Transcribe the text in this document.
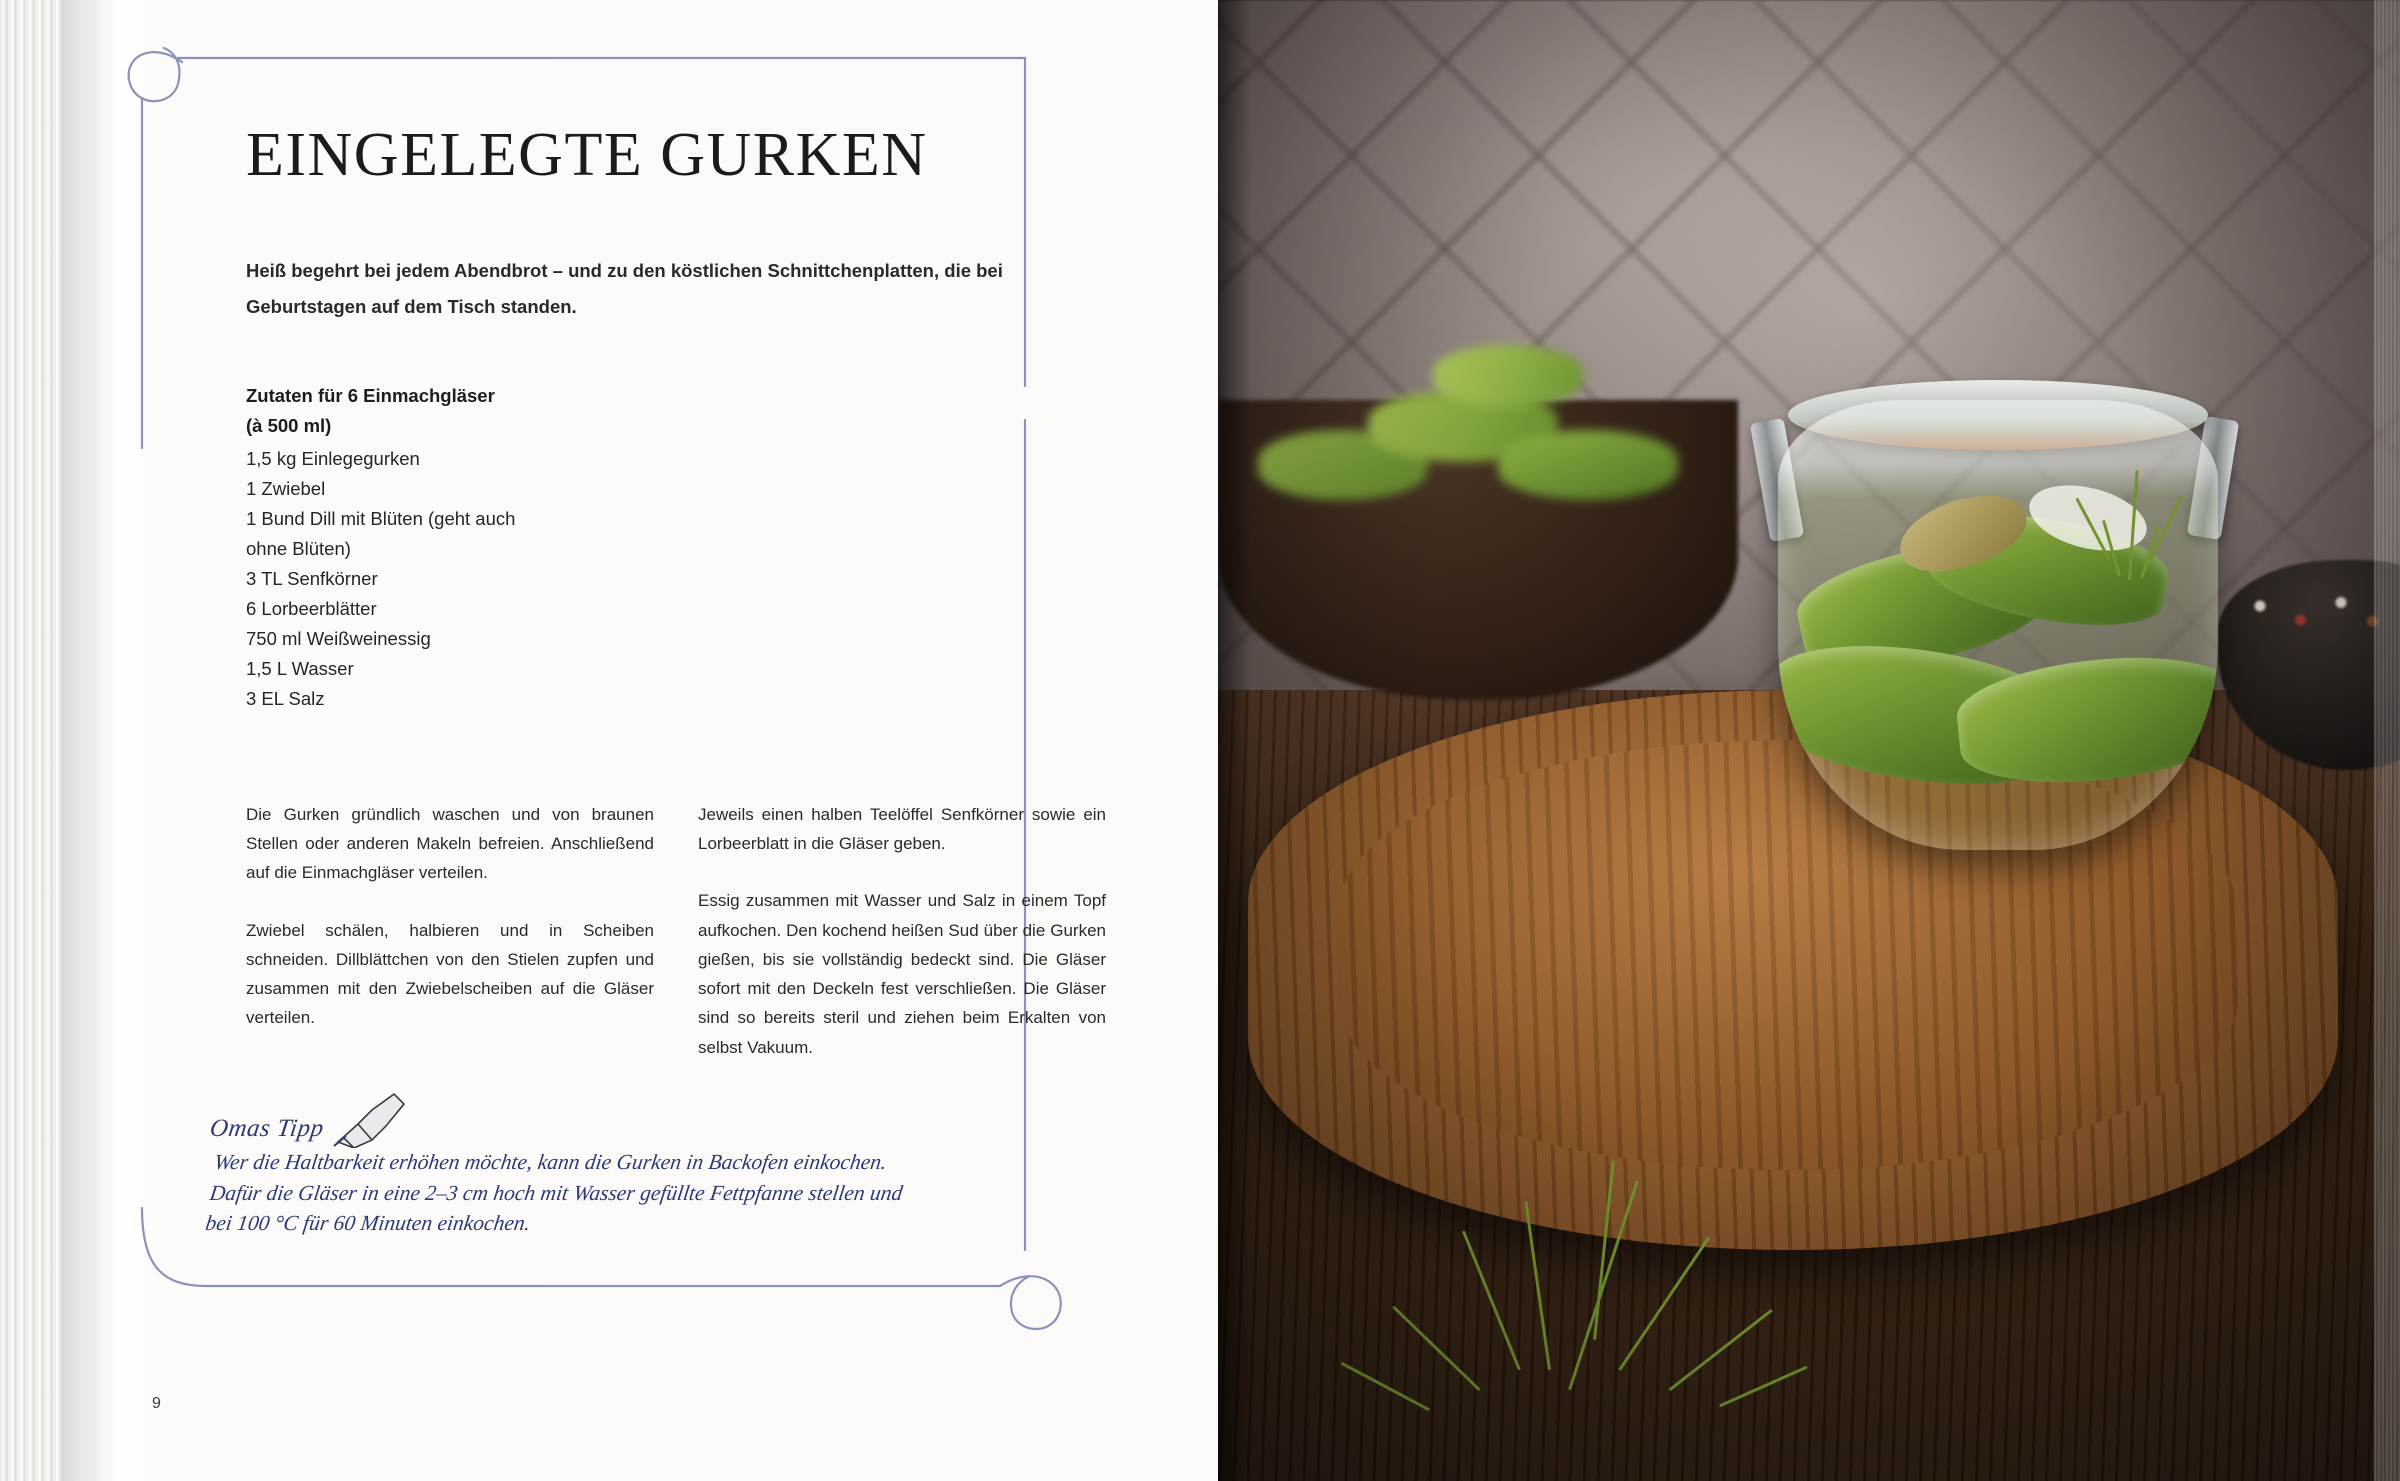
EINGELEGTE GURKEN

Heiß begehrt bei jedem Abendbrot – und zu den köstlichen Schnittchenplatten, die bei Geburtstagen auf dem Tisch standen.

Zutaten für 6 Einmachgläser

(à 500 ml)

1,5 kg Einlegegurken
1 Zwiebel
1 Bund Dill mit Blüten (geht auch
ohne Blüten)
3 TL Senfkörner
6 Lorbeerblätter
750 ml Weißweinessig
1,5 L Wasser
3 EL Salz

Die Gurken gründlich waschen und von braunen Stellen oder anderen Makeln befreien. Anschließend auf die Einmachgläser verteilen.

Zwiebel schälen, halbieren und in Scheiben schneiden. Dillblättchen von den Stielen zupfen und zusammen mit den Zwiebelscheiben auf die Gläser verteilen.

Jeweils einen halben Teelöffel Senfkörner sowie ein Lorbeerblatt in die Gläser geben.

Essig zusammen mit Wasser und Salz in einem Topf aufkochen. Den kochend heißen Sud über die Gurken gießen, bis sie vollständig bedeckt sind. Die Gläser sofort mit den Deckeln fest verschließen. Die Gläser sind so bereits steril und ziehen beim Erkalten von selbst Vakuum.

Omas Tipp

Wer die Haltbarkeit erhöhen möchte, kann die Gurken in Backofen einkochen. Dafür die Gläser in eine 2–3 cm hoch mit Wasser gefüllte Fettpfanne stellen und bei 100 °C für 60 Minuten einkochen.

9
